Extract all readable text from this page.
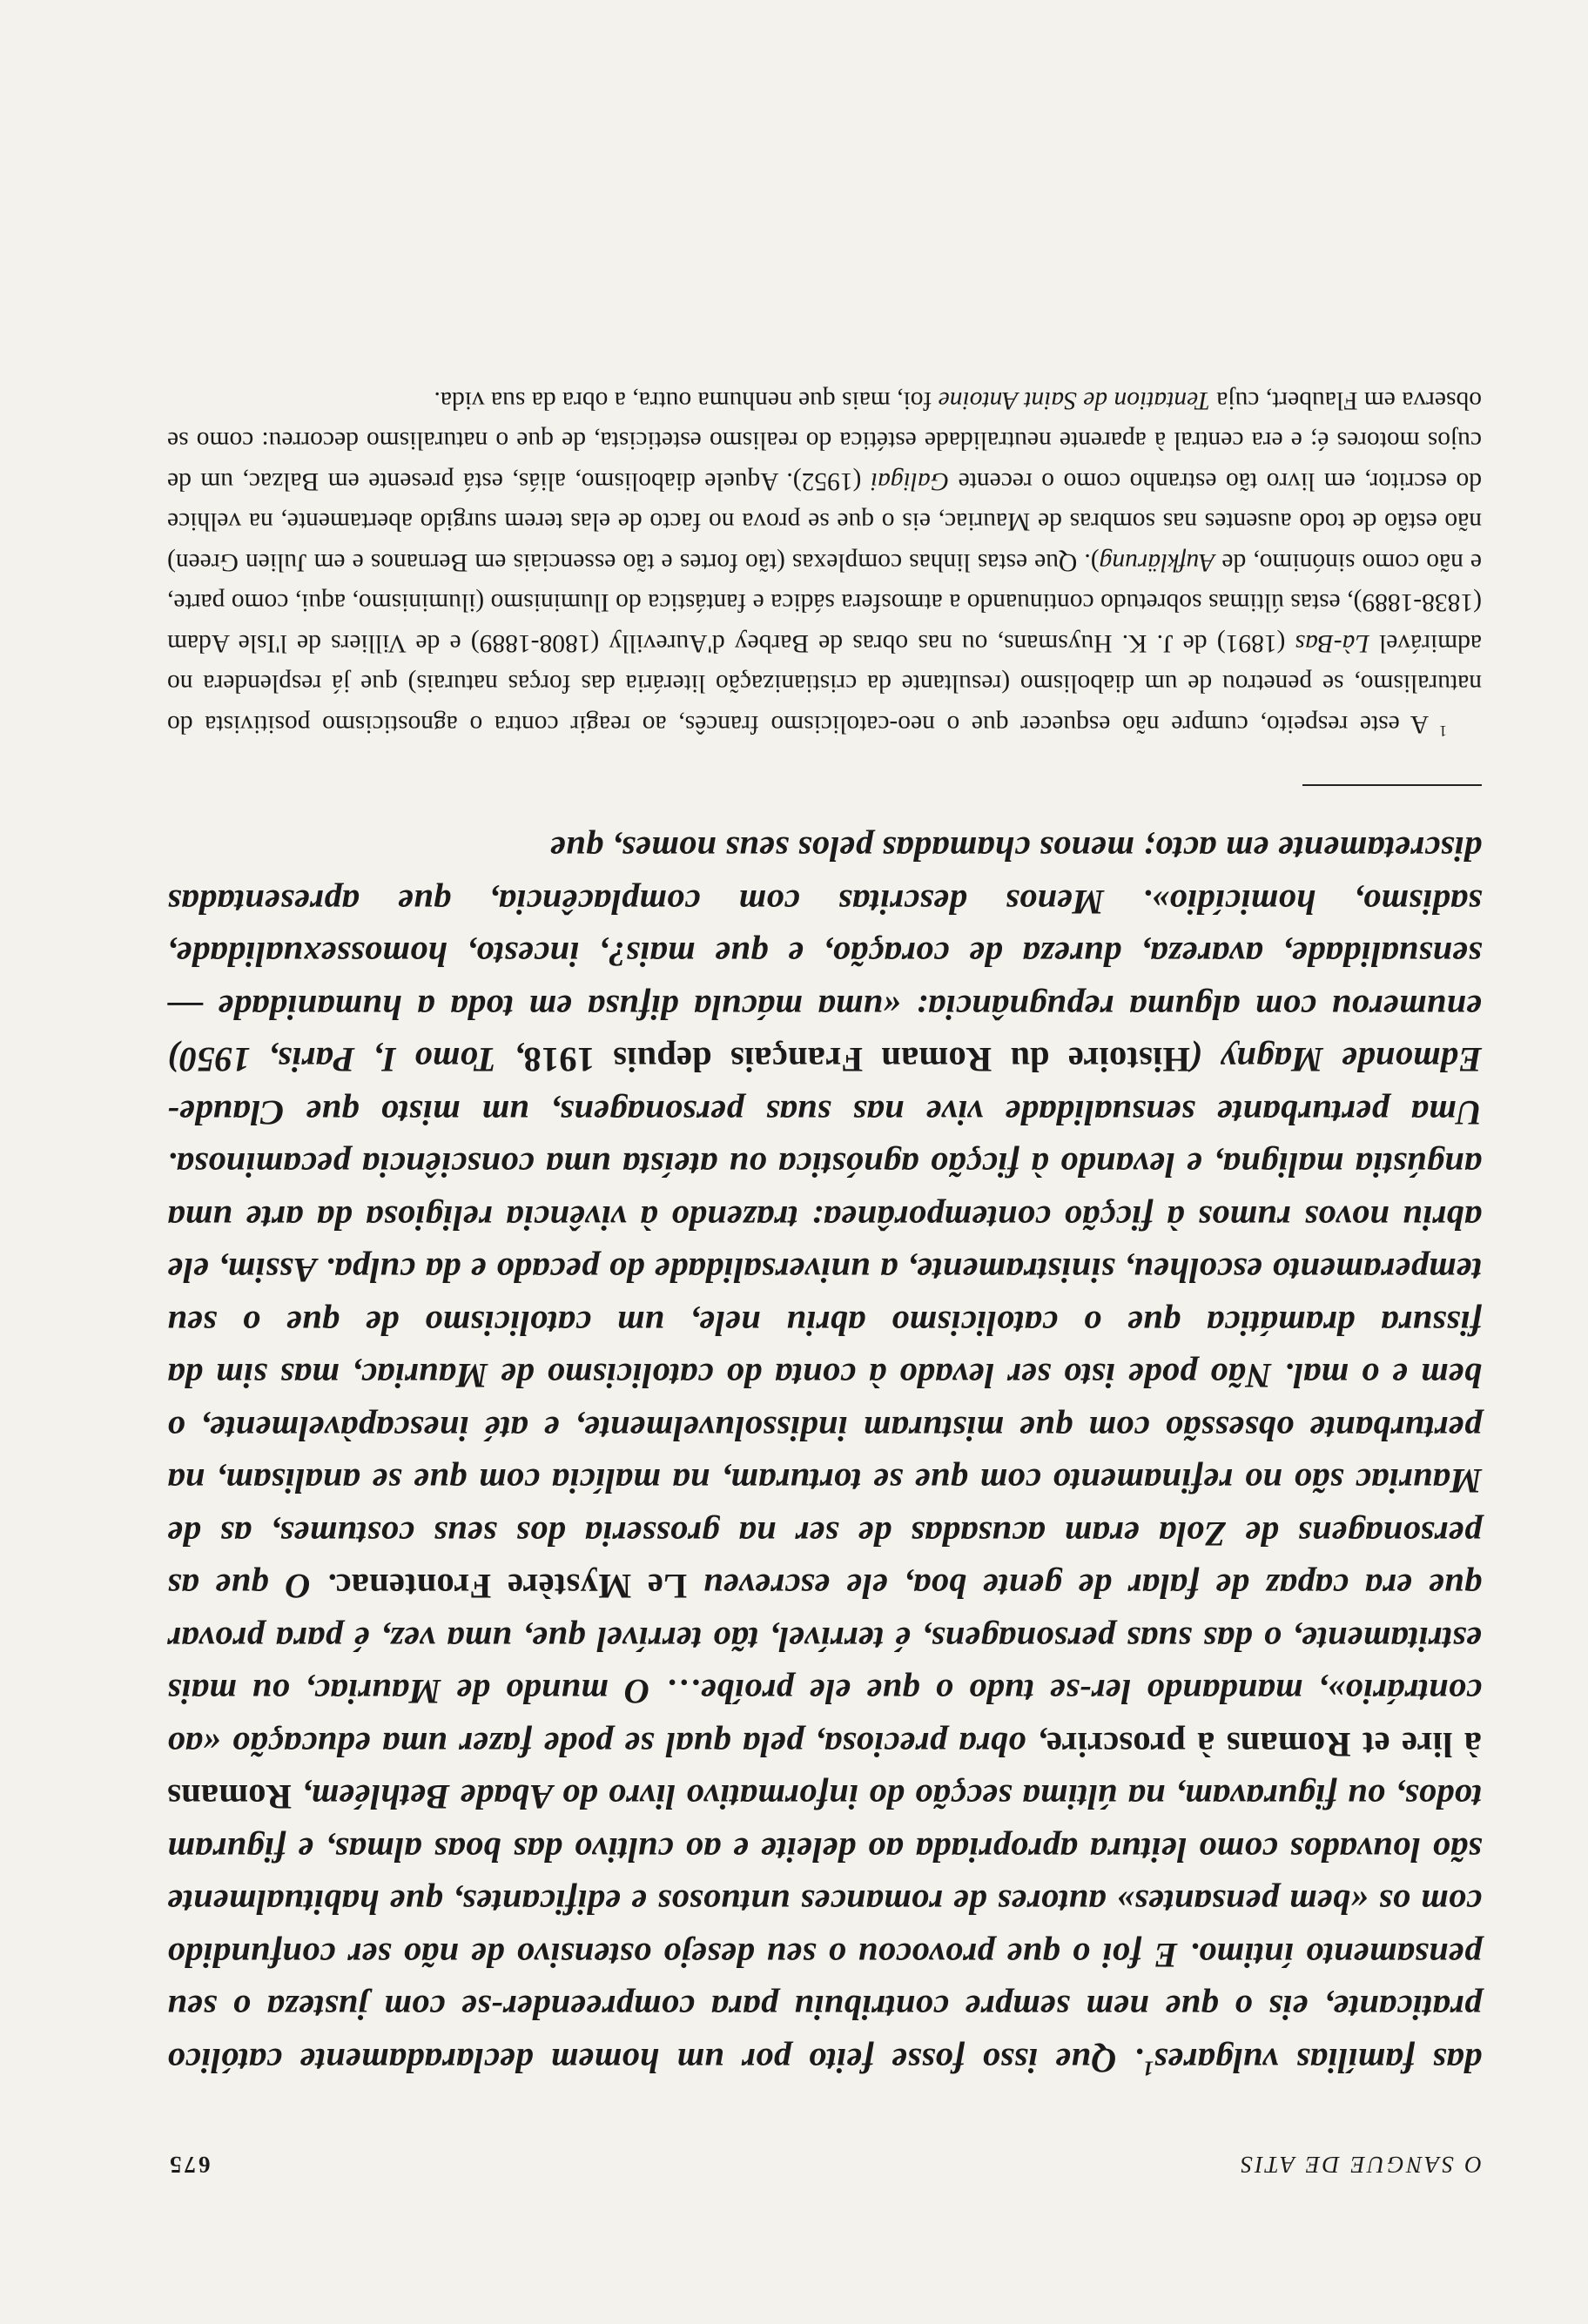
O SANGUE DE ATIS
675

das famílias vulgares$^1$. Que isso fosse feito por um homem declaradamente católico praticante, eis o que nem sempre contribuiu para compreender-se com justeza o seu pensamento íntimo. E foi o que provocou o seu desejo ostensivo de não ser confundido com os «bem pensantes» autores de romances untuosos e edificantes, que habitualmente são louvados como leitura apropriada ao deleite e ao cultivo das boas almas, e figuram todos, ou figuravam, na última secção do informativo livro do Abade Bethléem, Romans à lire et Romans à proscrire, obra preciosa, pela qual se pode fazer uma educação «ao contrário», mandando ler-se tudo o que ele proíbe… O mundo de Mauriac, ou mais estritamente, o das suas personagens, é terrível, tão terrível que, uma vez, é para provar que era capaz de falar de gente boa, ele escreveu Le Mystère Frontenac. O que as personagens de Zola eram acusadas de ser na grosseria dos seus costumes, as de Mauriac são no refinamento com que se torturam, na malícia com que se analisam, na perturbante obsessão com que misturam indissoluvelmente, e até inescapàvelmente, o bem e o mal. Não pode isto ser levado à conta do catolicismo de Mauriac, mas sim da fissura dramática que o catolicismo abriu nele, um catolicismo de que o seu temperamento escolheu, sinistramente, a universalidade do pecado e da culpa. Assim, ele abriu novos rumos à ficção contemporânea: trazendo à vivência religiosa da arte uma angústia maligna, e levando à ficção agnóstica ou ateísta uma consciência pecaminosa. Uma perturbante sensualidade vive nas suas personagens, um misto que Claude-Edmonde Magny (Histoire du Roman Français depuis 1918, Tomo I, Paris, 1950) enumerou com alguma repugnância: «uma mácula difusa em toda a humanidade — sensualidade, avareza, dureza de coração, e que mais?, incesto, homossexualidade, sadismo, homicídio». Menos descritas com complacência, que apresentadas discretamente em acto; menos chamadas pelos seus nomes, que

$^1$ A este respeito, cumpre não esquecer que o neo-catolicismo francês, ao reagir contra o agnosticismo positivista do naturalismo, se penetrou de um diabolismo (resultante da cristianização literária das forças naturais) que já resplendera no admirável Là-Bas (1891) de J. K. Huysmans, ou nas obras de Barbey d'Aurevilly (1808-1889) e de Villiers de l'Isle Adam (1838-1889), estas últimas sobretudo continuando a atmosfera sádica e fantástica do Iluminismo (iluminismo, aqui, como parte, e não como sinónimo, de Aufklärung). Que estas linhas complexas (tão fortes e tão essenciais em Bernanos e em Julien Green) não estão de todo ausentes nas sombras de Mauriac, eis o que se prova no facto de elas terem surgido abertamente, na velhice do escritor, em livro tão estranho como o recente Galigai (1952). Aquele diabolismo, aliás, está presente em Balzac, um de cujos motores é; e era central à aparente neutralidade estética do realismo esteticista, de que o naturalismo decorreu: como se observa em Flaubert, cuja Tentation de Saint Antoine foi, mais que nenhuma outra, a obra da sua vida.
